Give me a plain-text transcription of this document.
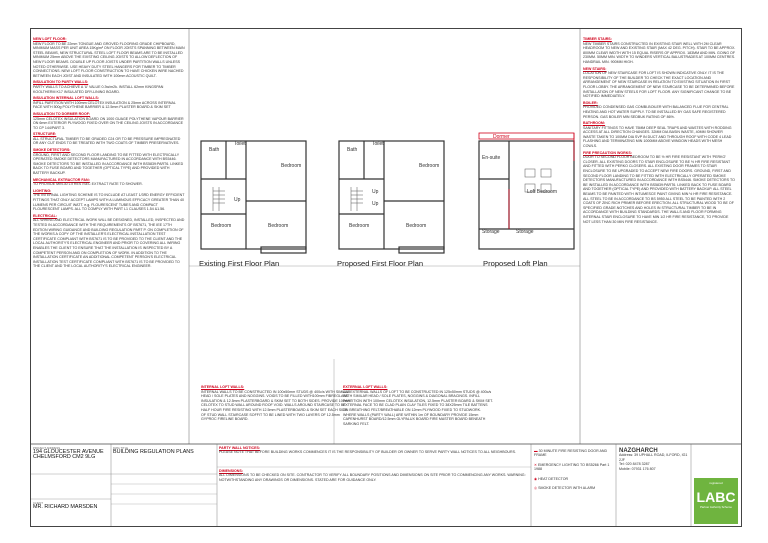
NEW LOFT FLOOR:
NEW FLOOR TO BE 22mm TONGUE AND GROVED FLOORING GRADE CHIPBOARD, MINIMUM MASS PER UNIT AREA 15Kg/m² ON FLOOR JOISTS SPANNING BETWEEN MAIN STEEL BEAMS, NEW STRUCTURAL STEEL LOFT FLOOR BEAMS ARE TO BE INSTALLED MINIMUM 25mm ABOVE THE EXISTING CEILING JOISTS TO ALLOW DEFLECTION OF NEW FLOOR BEAMS. DOUBLE UP FLOOR JOISTS UNDER PARTITION WALLS UNLESS NOTED OTHERWISE. USE HEAVY DUTY STEEL HANGERS FOR TIMBER TO TIMBER CONNECTIONS. NEW LOFT FLOOR CONSTRUCTION TO HAVE CHICKEN WIRE NACHED BETWEEN EACH JOIST AND INSULATED WITH 100mm ACOUSTIC QUILT.
INSULATION TO PARTY WALLS:
PARTY WALLS TO ACHIEVE A 'U' VALUE 0.3w/m2k. INSTALL 62mm KINGSPAN KOOLTHERM K17 INSULATED DRY-LINING BOARD.
INSULATION INTERNAL LOFT WALLS:
INFILL PARTITION WITH 100mm CELOTEX INSULATION & 25mm ACROSS INTERNAL FACE WITH 500g POLYTHENE BARRIER & 12.5mm PLASTER BOARD & SKIM SET
INSULATION TO DORMER ROOF:
125mm CELOTEX INSULATION BOARD ON 1000 GUAGE POLYTHENE VAPOUR BARRIER ON 6mm EXTERIOR PLYWOOD FIXED OVER ON THE CEILING JOISTS IN ACCORDANCE TO CP 144/PART 3.
STRUCTURE:
ALL STRUCTURAL TIMBER TO BE GRADED C24 OR TO BE PRESSURE IMPREGNATED OR ANY CUT ENDS TO BE TREATED WITH TWO COATS OF TIMBER PRESERVATIVES.
SMOKE DETECTORS:
GROUND, FIRST AND SECOND FLOOR LANDING TO BE FITTED WITH ELECTRICALLY OPERATED SMOKE DETECTORS MANUFACTURED IN ACCORDANCE WITH BS5446. SMOKE DETECTORS TO BE INSTALLED IN ACCORDANCE WITH BS5839:PART6. LINKED BACK TO FUSE BOARD AND TOGETHER (OPTICAL TYPE) AND PROVIDED WITH BATTERY BACKUP.
MECHANICAL EXTRACTOR FAN:
TO PROVIDE MIN.30 LITRES /SEC EXTRACT RATE TO SHOWER.
LIGHTING:
THE INTERNAL LIGHTING SCHEME IS TO INCLUDE AT LEAST 1/3RD ENERGY EFFICIENT FITTINGS THAT ONLY ACCEPT LAMPS WITH A LUMINOUS EFFICACY GREATER THAN 40 LUMENS PER CIRCUIT WATT. e.g. FLOURESCENT TUBES AND COMPACT FLOURESCENT LAMPS. ALL TO COMPLY WITH PART L1 CLAUSES 1.54 &1.56.
ELECTRICAL:
ALL WIRING AND ELECTRICAL WORK WILL BE DESIGNED, INSTALLED, INSPECTED AND TESTED IN ACCORDANCE WITH THE REQUIREMENTS OF BS7671, THE IEE 17TH EDITION WIRING GUIDANCE AND BUILDING REGULATION PART P. ON COMPLETION OF THE WORKS A COPY OF THE INSTALLER'S ELECTRICAL INSTALLATION TEST CERTIFICATE COMPLIANT WITH BS7671 IS TO BE PROVIDED TO THE CLIENT AND THE LOCAL AUTHORITY'S ELECTRICAL ENGINEER AND PRIOR TO COVERING ALL WIRING ENABLES THE CLIENT TO ENSURE THAT THE INSTALLATION IS INSPECTED BY A COMPETENT PERSON AND ON COMPLETION OF WORK. IN ADDITION TO THE INSTALLATION CERTIFICATE AN ADDITIONAL COMPETENT PERSON'S ELECTRICAL INSTALLATION TEST CERTIFICATE COMPLIANT WITH BS7671 IS TO BE PROVIDED TO THE CLIENT AND THE LOCAL AUTHORITY'S ELECTRICAL ENGINEER.
TIMBER STAIRS:
NEW TIMBER STAIRS CONSTRUCTED IN EXISTING STAIR WELL WITH 2M CLEAR HEADROOM TO NEW AND EXISTING STAIR (MAX 42 DEG. PITCH). STAIR TO BE APPROX. 800MM CLEAR WIDTH WITH 15 EQUAL RISERS OF APPROX. 183MM AND MIN. GOING OF 230MM. 50MM MIN. WIDTH TO WINDERS VERTICAL BALUSTRADES AT 100MM CENTRES. HANDRAIL MIN. 900MM HIGH.
NEW STAIRS:
LOCATION OF NEW STAIRCASE FOR LOFT IS SHOWN INDICATIVE ONLY. IT IS THE RESPONSIBILITY OF THE BUILDER TO CHECK THE EXACT LOCATION AND ARRANGEMENT OF NEW STAIRCASE IN RELATION TO EXISTING SITUATION IN FIRST FLOOR LOBBY. THE ARRANGEMENT OF NEW STAIRCASE TO BE DETERMINED BEFORE INSTALLATION OF NEW STEELS FOR LOFT FLOOR. ANY SIGNIFICANT CHANGE TO BE NOTIFIED IMMEDIATELY.
BOILER:
PROVIDED CONDENSED GAS COMBI-BOILER WITH BALANCED FLUE FOR CENTRAL HEATING AND HOT WATER SUPPLY. TO BE INSTALLED BY GAS SAFE REGISTERED PERSON. GAS BOILER MIN SEDBUK RATING OF 86%.
BATHROOM:
SANITARY FITTINGS TO HAVE 75MM DEEP SEAL TRAPS AND WASTES WITH RODDING ACCESS AT ALL DIRECTION CHANGES. 32MM DIA BASIN WASTE, 40MM SHOWER WASTE TAKEN TO 100MM DIA SVP IN DUCT AND THROUGH ROOF WITH CODE 4 LEAD FLASHING AND TERMINATING MIN 1000MM ABOVE WINDOW HEADS WITH MESH COWLS.
FIRE PRECAUTION WORKS:
DOOR TO SECOND FLOOR BEDROOM TO BE ½ HR FIRE RESISTANT WITH 'PERKO' CLOSER. ALL EXISTING DOORS TO STAIR ENCLOSURE TO BE ½ HR FIRE RESISTANT AND FITTED WITH PERKO CLOSERS. ALL EXISTING DOOR FRAMES TO STAIR ENCLOSURE TO BE UPGRADED TO ACCEPT NEW FIRE DOORS. GROUND, FIRST AND SECOND FLOOR LANDING TO BE FITTED WITH ELECTRICALLY OPERATED SMOKE DETECTORS MANUFACTURED IN ACCORDANCE WITH BS5446. SMOKE DETECTORS TO BE INSTALLED IN ACCORDANCE WITH BS5839:PART6. LINKED BACK TO FUSE BOARD AND TOGETHER (OPTICAL TYPE) AND PROVIDED WITH BATTERY BACKUP. ALL STEEL BEAMS TO BE PAINTED WITH INTUMESCE PAINT GIVING MIN ½ HR FIRE RESISTANCE. ALL STEEL TO BE IN ACCORDANCE TO BS 5950 ALL STEEL TO BE PAINTED WITH 2 COATS OF ZINC RICH PRIMER BEFORE ERECTION. ALL STRUCTURAL WOOD TO BE OF SPECIFIED GRADE.NOTCHES AND HOLES IN STRUCTURAL TIMBER TO BE IN ACCORDANCE WITH BUILDING STANDARDS. THE WALLS AND FLOOR FORMING INTERNAL STAIR ENCLOSURE TO HAVE MIN 1/2 HR FIRE RESISTANCE, TO PROVIDE NOT LESS THAN 30 MIN FIRE RESISTANCE.
INTERNAL LOFT WALLS:
INTERNAL WALLS TO BE CONSTRUCTED IN 100x50mm STUDS @ 400c/s WITH SIMILAR HEAD / SOLE PLATES AND NOGGINS. VOIDS TO BE FILLED WITH100mm FIBREGLASS INSULATION & 12.5mm PLASTERBOARD & SKIM SET TO BOTH SIDES. PROVIDE 100mm CELOTEX TO STUD WALL AROUND ROOF VOID. WALLS AROUND STAIRCASE TO BE HALF HOUR FIRE RESISTING WITH 12.5mm PLASTERBOARD & SKIM SET EACH SIDE OF STUD WALL STAIRCASE SOFFIT TO BE LINED WITH TWO LAYERS OF 12.5mm GYPROC FIRELINE BOARD.
EXTERNAL LOFT WALLS:
ALL EXTERNAL WALLS OF LOFT TO BE CONSTRUCTED IN 125x50mm STUDS @ 400c/s WITH SIMILAR HEAD / SOLE PLATES, NOGGINS & DIAGONAL BRACINGS. INFILL PARTITION WITH 100mm CELOTEX INSULATION, 12.5mm PLASTER BOARD & SKIM SET. EXTERNAL FACE TO BE CLAD PLAIN CLAY TILES FIXED TO 38X25mm TILE BATTENS ON BREATHING FELT/BREATHABLE ON 12mm PLYWOOD FIXED TO STUDWORK. WHERE WALLS (PARTY WALL) ARE WITHIN 1m OF BOUNDARY PROVIDE 15mm CAPENHURST BOARD/12.5mm GLYPALUX BOARD FIRE MASTER BOARD BENEATH SARKING FELT.
Bath
Toilet
Bedroom
Bedroom	Bedroom
Up
Bath
Toilet
Bedroom
Bedroom	Bedroom
Up
Up
Dormer
En-suite
Loft Bedroom
Storage
Storage
Existing First Floor Plan	Proposed First Floor Plan	Proposed Loft Plan
PROJECT ADDRESS
194 GLOUCESTER AVENUE CHELMSFORD CM2 9LG
CLIENT
MR. RICHARD MARSDEN
DWG TITLE
BUILDING REGULATION PLANS
PARTY WALL NOTICES:
PLEASE NOTE THAT BEFORE BUILDING WORKS COMMENCES IT IS THE RESPONSIBILITY OF BUILDER OR OWNER TO SERVE PARTY WALL NOTICES TO ALL NEIGHBOURS.
DIMENSIONS:
ALL DIMENSIONS TO BE CHECKED ON SITE. CONTRACTOR TO VERIFY ALL BOUNDARY POSITIONS AND DIMENSIONS ON SITE PRIOR TO COMMENCING ANY WORKS. WARNING: NOTWITHSTANDING ANY DRAWINGS OR DIMENSIONS. STATED ARE FOR GUIDANCE ONLY.
▬ 30 MINUTE FIRE RESISTING DOOR AND FRAME
✕ EMERGENCY LIGHTING TO BS5266 Part 1 1988
◉ HEAT DETECTOR
◎ SMOKE DETECTOR WITH ALARM
NAZGHARCH
Address: 39 UPHALL ROAD, ILFORD, IG1 2JF
Tel: 020 8478 3287
Mobile: 07931 176 807
registered
LABC
Partner Authority Scheme
